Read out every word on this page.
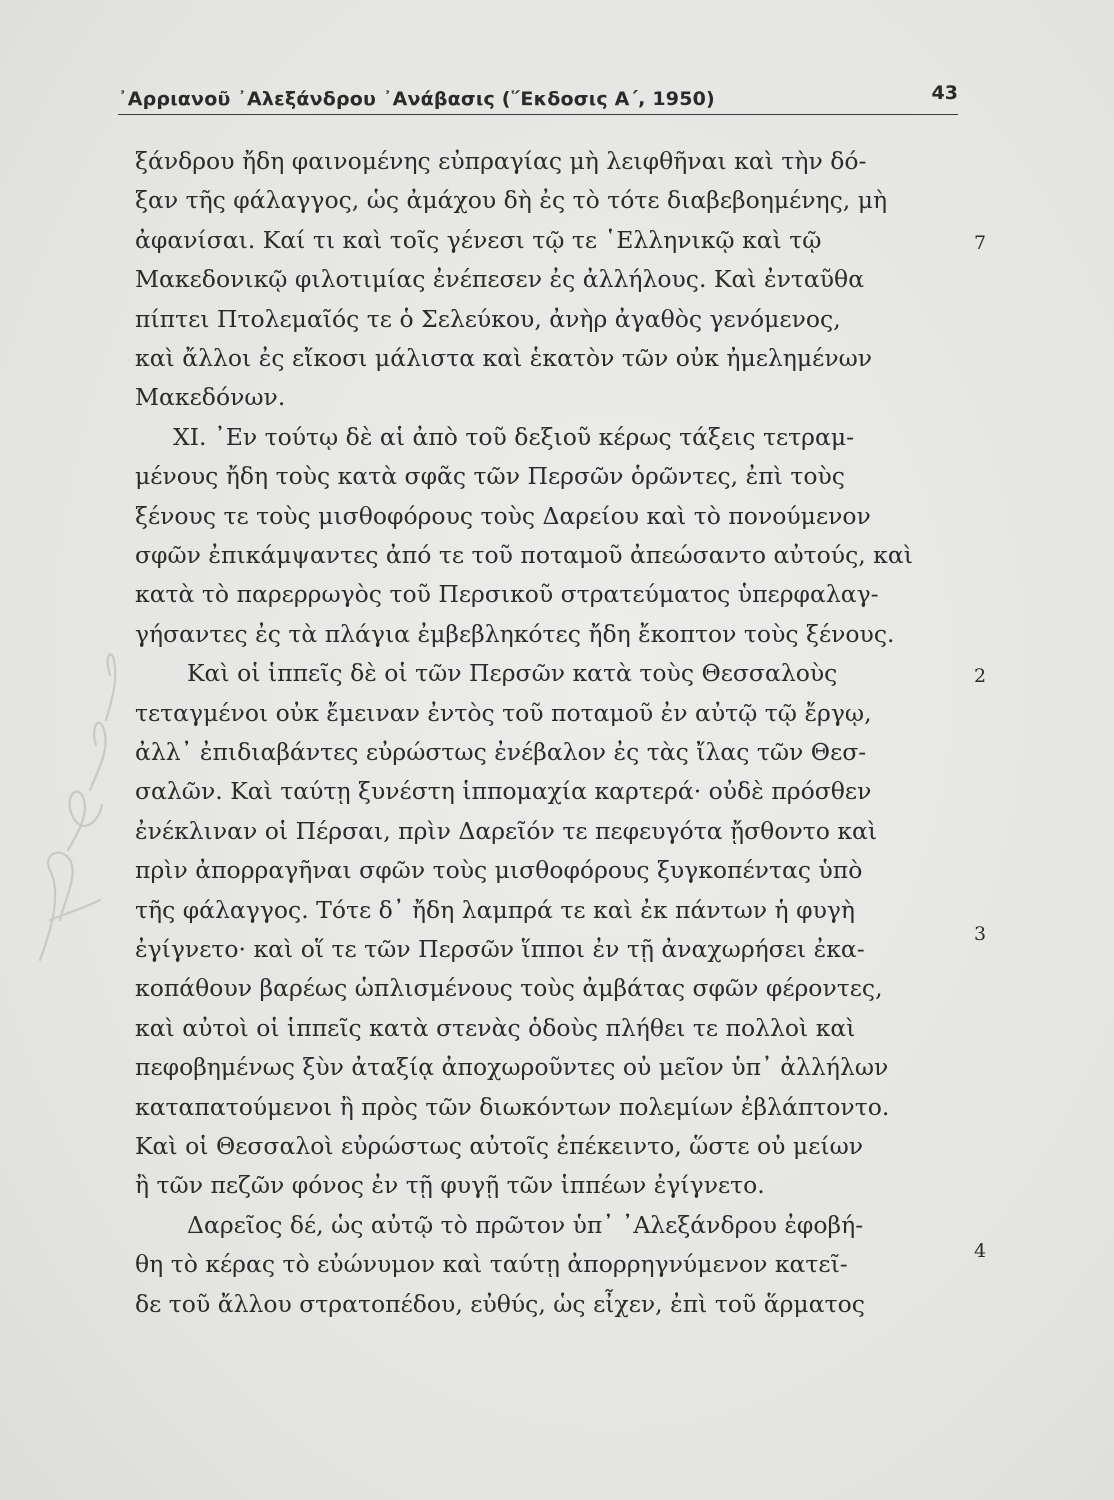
᾿Αρριανοῦ ᾿Αλεξάνδρου ᾿Ανάβασις (῞Εκδοσις Α΄, 1950)	43
ξάνδρου ἤδη φαινομένης εὐπραγίας μὴ λειφθῆναι καὶ τὴν δό-
ξαν τῆς φάλαγγος, ὡς ἀμάχου δὴ ἐς τὸ τότε διαβεβοημένης, μὴ
ἀφανίσαι. Καί τι καὶ τοῖς γένεσι τῷ τε ῾Ελληνικῷ καὶ τῷ
Μακεδονικῷ φιλοτιμίας ἐνέπεσεν ἐς ἀλλήλους. Καὶ ἐνταῦθα
πίπτει Πτολεμαῖός τε ὁ Σελεύκου, ἀνὴρ ἀγαθὸς γενόμενος,
καὶ ἄλλοι ἐς εἴκοσι μάλιστα καὶ ἑκατὸν τῶν οὐκ ἠμελημένων
Μακεδόνων.
XI. ᾿Εν τούτῳ δὲ αἱ ἀπὸ τοῦ δεξιοῦ κέρως τάξεις τετραμ-
μένους ἤδη τοὺς κατὰ σφᾶς τῶν Περσῶν ὁρῶντες, ἐπὶ τοὺς
ξένους τε τοὺς μισθοφόρους τοὺς Δαρείου καὶ τὸ πονούμενον
σφῶν ἐπικάμψαντες ἀπό τε τοῦ ποταμοῦ ἀπεώσαντο αὐτούς, καὶ
κατὰ τὸ παρερρωγὸς τοῦ Περσικοῦ στρατεύματος ὑπερφαλαγ-
γήσαντες ἐς τὰ πλάγια ἐμβεβληκότες ἤδη ἔκοπτον τοὺς ξένους.
Καὶ οἱ ἱππεῖς δὲ οἱ τῶν Περσῶν κατὰ τοὺς Θεσσαλοὺς
τεταγμένοι οὐκ ἔμειναν ἐντὸς τοῦ ποταμοῦ ἐν αὐτῷ τῷ ἔργῳ,
ἀλλ᾿ ἐπιδιαβάντες εὐρώστως ἐνέβαλον ἐς τὰς ἴλας τῶν Θεσ-
σαλῶν. Καὶ ταύτῃ ξυνέστη ἱππομαχία καρτερά· οὐδὲ πρόσθεν
ἐνέκλιναν οἱ Πέρσαι, πρὶν Δαρεῖόν τε πεφευγότα ᾔσθοντο καὶ
πρὶν ἀπορραγῆναι σφῶν τοὺς μισθοφόρους ξυγκοπέντας ὑπὸ
τῆς φάλαγγος. Τότε δ᾿ ἤδη λαμπρά τε καὶ ἐκ πάντων ἡ φυγὴ
ἐγίγνετο· καὶ οἵ τε τῶν Περσῶν ἵπποι ἐν τῇ ἀναχωρήσει ἐκα-
κοπάθουν βαρέως ὡπλισμένους τοὺς ἀμβάτας σφῶν φέροντες,
καὶ αὐτοὶ οἱ ἱππεῖς κατὰ στενὰς ὁδοὺς πλήθει τε πολλοὶ καὶ
πεφοβημένως ξὺν ἀταξίᾳ ἀποχωροῦντες οὐ μεῖον ὑπ᾿ ἀλλήλων
καταπατούμενοι ἢ πρὸς τῶν διωκόντων πολεμίων ἐβλάπτοντο.
Καὶ οἱ Θεσσαλοὶ εὐρώστως αὐτοῖς ἐπέκειντο, ὥστε οὐ μείων
ἢ τῶν πεζῶν φόνος ἐν τῇ φυγῇ τῶν ἱππέων ἐγίγνετο.
Δαρεῖος δέ, ὡς αὐτῷ τὸ πρῶτον ὑπ᾿ ᾿Αλεξάνδρου ἐφοβή-
θη τὸ κέρας τὸ εὐώνυμον καὶ ταύτῃ ἀπορρηγνύμενον κατεῖ-
δε τοῦ ἄλλου στρατοπέδου, εὐθύς, ὡς εἶχεν, ἐπὶ τοῦ ἅρματος
7
2
3
4
